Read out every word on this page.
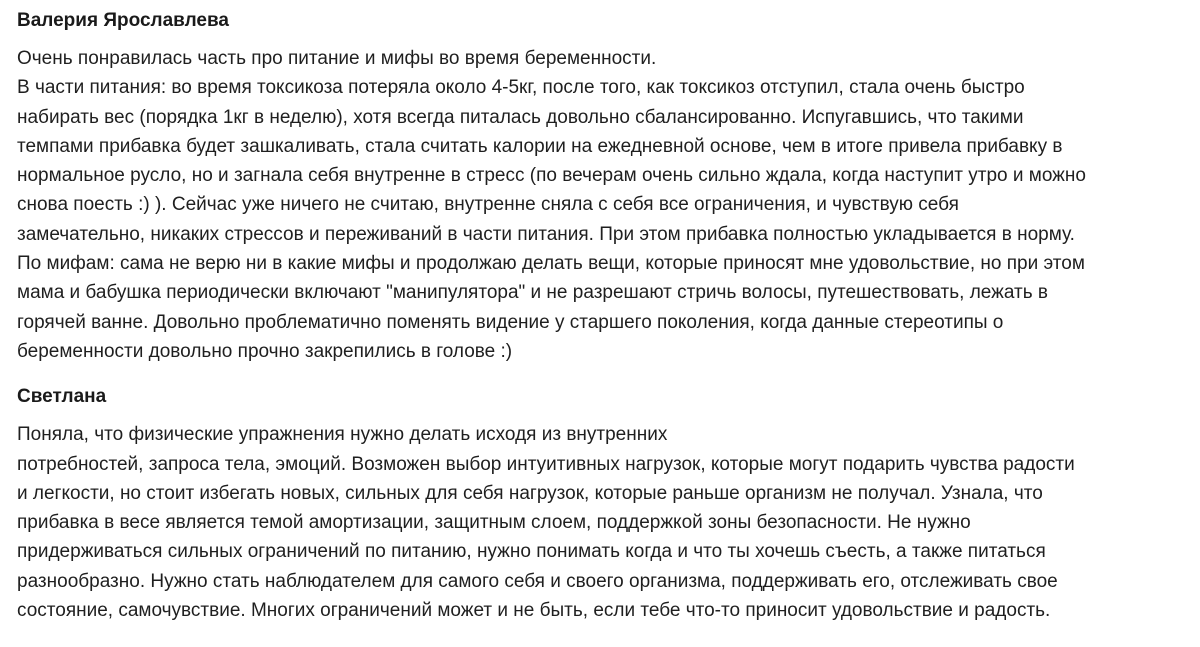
Валерия Ярославлева
Очень понравилась часть про питание и мифы во время беременности.
В части питания: во время токсикоза потеряла около 4-5кг, после того, как токсикоз отступил, стала очень быстро
набирать вес (порядка 1кг в неделю), хотя всегда питалась довольно сбалансированно. Испугавшись, что такими
темпами прибавка будет зашкаливать, стала считать калории на ежедневной основе, чем в итоге привела прибавку в
нормальное русло, но и загнала себя внутренне в стресс (по вечерам очень сильно ждала, когда наступит утро и можно
снова поесть :) ). Сейчас уже ничего не считаю, внутренне сняла с себя все ограничения, и чувствую себя
замечательно, никаких стрессов и переживаний в части питания. При этом прибавка полностью укладывается в норму.
По мифам: сама не верю ни в какие мифы и продолжаю делать вещи, которые приносят мне удовольствие, но при этом
мама и бабушка периодически включают "манипулятора" и не разрешают стричь волосы, путешествовать, лежать в
горячей ванне. Довольно проблематично поменять видение у старшего поколения, когда данные стереотипы о
беременности довольно прочно закрепились в голове :)
Светлана
Поняла, что физические упражнения нужно делать исходя из внутренних
потребностей, запроса тела, эмоций. Возможен выбор интуитивных нагрузок, которые могут подарить чувства радости
и легкости, но стоит избегать новых, сильных для себя нагрузок, которые раньше организм не получал. Узнала, что
прибавка в весе является темой амортизации, защитным слоем, поддержкой зоны безопасности. Не нужно
придерживаться сильных ограничений по питанию, нужно понимать когда и что ты хочешь съесть, а также питаться
разнообразно. Нужно стать наблюдателем для самого себя и своего организма, поддерживать его, отслеживать свое
состояние, самочувствие. Многих ограничений может и не быть, если тебе что-то приносит удовольствие и радость.
